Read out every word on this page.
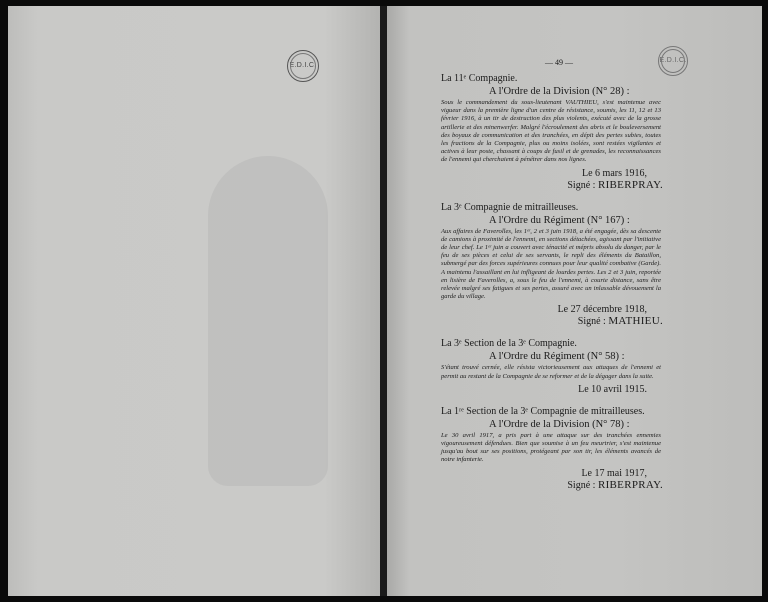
E.D.I.C.
E.D.I.C.
— 49 —
La 11ᵉ Compagnie.
A l'Ordre de la Division (N° 28) :
Sous le commandement du sous-lieutenant VAUTHIEU, s'est maintenue avec vigueur dans la première ligne d'un centre de résistance, soumis, les 11, 12 et 13 février 1916, à un tir de destruction des plus violents, exécuté avec de la grosse artillerie et des minenwerfer. Malgré l'écroulement des abris et le bouleversement des boyaux de communication et des tranchées, en dépit des pertes subies, toutes les fractions de la Compagnie, plus ou moins isolées, sont restées vigilantes et actives à leur poste, chassant à coups de fusil et de grenades, les reconnaissances de l'ennemi qui cherchaient à pénétrer dans nos lignes.
Le 6 mars 1916,
Signé : RIBERPRAY.
La 3ᵉ Compagnie de mitrailleuses.
A l'Ordre du Régiment (N° 167) :
Aux affaires de Faverolles, les 1ᵉʳ, 2 et 3 juin 1918, a été engagée, dès sa descente de camions à proximité de l'ennemi, en sections détachées, agissant par l'initiative de leur chef. Le 1ᵉʳ juin a couvert avec ténacité et mépris absolu du danger, par le feu de ses pièces et celui de ses servants, le repli des éléments du Bataillon, submergé par des forces supérieures connues pour leur qualité combative (Garde). A maintenu l'assaillant en lui infligeant de lourdes pertes. Les 2 et 3 juin, reportée en lisière de Faverolles, a, sous le feu de l'ennemi, à courte distance, sans être relevée malgré ses fatigues et ses pertes, assuré avec un inlassable dévouement la garde du village.
Le 27 décembre 1918,
Signé : MATHIEU.
La 3ᵉ Section de la 3ᵉ Compagnie.
A l'Ordre du Régiment (N° 58) :
S'étant trouvé cernée, elle résista victorieusement aux attaques de l'ennemi et permit au restant de la Compagnie de se reformer et de la dégager dans la suite.
Le 10 avril 1915.
La 1ʳᵉ Section de la 3ᵉ Compagnie de mitrailleuses.
A l'Ordre de la Division (N° 78) :
Le 30 avril 1917, a pris part à une attaque sur des tranchées ennemies vigoureusement défendues. Bien que soumise à un feu meurtrier, s'est maintenue jusqu'au bout sur ses positions, protégeant par son tir, les éléments avancés de notre infanterie.
Le 17 mai 1917,
Signé : RIBERPRAY.
